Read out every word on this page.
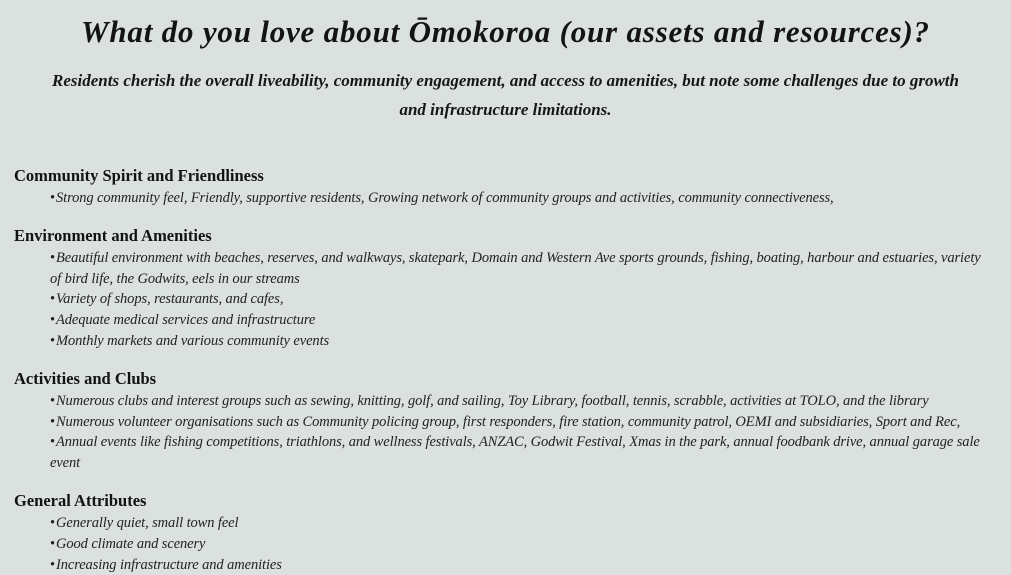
What do you love about Ōmokoroa (our assets and resources)?
Residents cherish the overall liveability, community engagement, and access to amenities, but note some challenges due to growth
and infrastructure limitations.
Community Spirit and Friendliness
•Strong community feel, Friendly, supportive residents, Growing network of community groups and activities, community connectiveness,
Environment and Amenities
•Beautiful environment with beaches, reserves, and walkways, skatepark, Domain and Western Ave sports grounds, fishing, boating, harbour and estuaries, variety of bird life, the Godwits, eels in our streams
•Variety of shops, restaurants, and cafes,
•Adequate medical services and infrastructure
•Monthly markets and various community events
Activities and Clubs
•Numerous clubs and interest groups such as sewing, knitting, golf, and sailing, Toy Library, football, tennis, scrabble, activities at TOLO, and the library
•Numerous volunteer organisations such as Community policing group, first responders, fire station, community patrol, OEMI and subsidiaries, Sport and Rec,
•Annual events like fishing competitions, triathlons, and wellness festivals, ANZAC, Godwit Festival, Xmas in the park, annual foodbank drive, annual garage sale event
General Attributes
•Generally quiet, small town feel
•Good climate and scenery
•Increasing infrastructure and amenities
